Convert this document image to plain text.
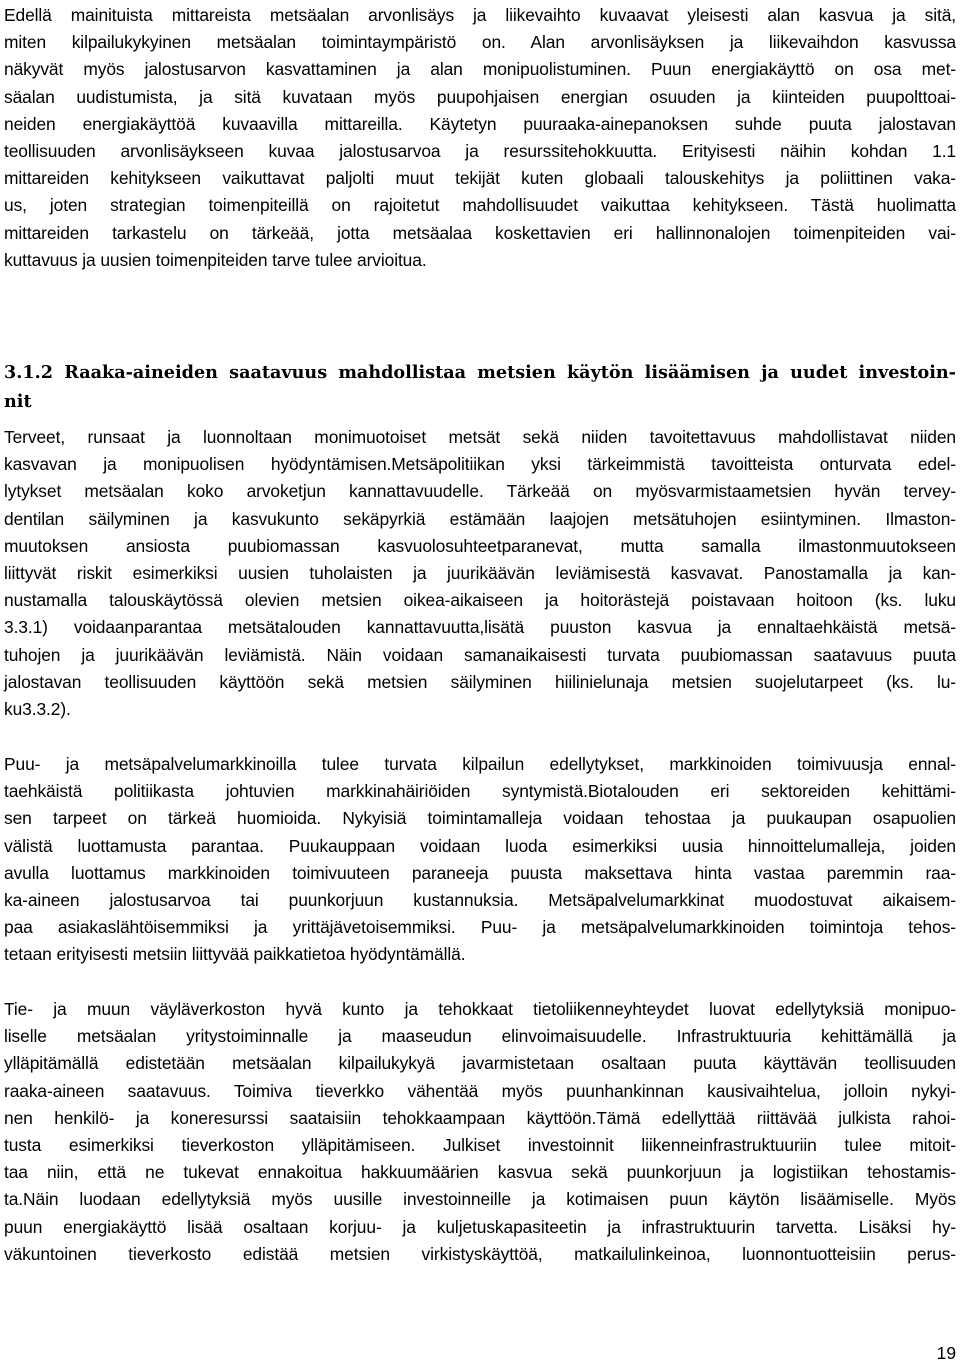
Edellä mainituista mittareista metsäalan arvonlisäys ja liikevaihto kuvaavat yleisesti alan kasvua ja sitä,
miten kilpailukykyinen metsäalan toimintaympäristö on. Alan arvonlisäyksen ja liikevaihdon kasvussa
näkyvät myös jalostusarvon kasvattaminen ja alan monipuolistuminen. Puun energiakäyttö on osa met-
säalan uudistumista, ja sitä kuvataan myös puupohjaisen energian osuuden ja kiinteiden puupolttoai-
neiden energiakäyttöä kuvaavilla mittareilla. Käytetyn puuraaka-ainepanoksen suhde puuta jalostavan
teollisuuden arvonlisäykseen kuvaa jalostusarvoa ja resurssitehokkuutta. Erityisesti näihin kohdan 1.1
mittareiden kehitykseen vaikuttavat paljolti muut tekijät kuten globaali talouskehitys ja poliittinen vaka-
us, joten strategian toimenpiteillä on rajoitetut mahdollisuudet vaikuttaa kehitykseen. Tästä huolimatta
mittareiden tarkastelu on tärkeää, jotta metsäalaa koskettavien eri hallinnonalojen toimenpiteiden vai-
kuttavuus ja uusien toimenpiteiden tarve tulee arvioitua.
3.1.2 Raaka-aineiden saatavuus mahdollistaa metsien käytön lisäämisen ja uudet investoin-
nit
Terveet, runsaat ja luonnoltaan monimuotoiset metsät sekä niiden tavoitettavuus mahdollistavat niiden
kasvavan ja monipuolisen hyödyntämisen.Metsäpolitiikan yksi tärkeimmistä tavoitteista onturvata edel-
lytykset metsäalan koko arvoketjun kannattavuudelle. Tärkeää on myösvarmistaametsien hyvän tervey-
dentilan säilyminen ja kasvukunto sekäpyrkiä estämään laajojen metsätuhojen esiintyminen. Ilmaston-
muutoksen ansiosta puubiomassan kasvuolosuhteetparanevat, mutta samalla ilmastonmuutokseen
liittyvät riskit esimerkiksi uusien tuholaisten ja juurikäävän leviämisestä kasvavat. Panostamalla ja kan-
nustamalla talouskäytössä olevien metsien oikea-aikaiseen ja hoitorästejä poistavaan hoitoon (ks. luku
3.3.1) voidaanparantaa metsätalouden kannattavuutta,lisätä puuston kasvua ja ennaltaehkäistä metsä-
tuhojen ja juurikäävän leviämistä. Näin voidaan samanaikaisesti turvata puubiomassan saatavuus puuta
jalostavan teollisuuden käyttöön sekä metsien säilyminen hiilinielunaja metsien suojelutarpeet (ks. lu-
ku3.3.2).
Puu- ja metsäpalvelumarkkinoilla tulee turvata kilpailun edellytykset, markkinoiden toimivuusja ennal-
taehkäistä politiikasta johtuvien markkinahäiriöiden syntymistä.Biotalouden eri sektoreiden kehittämi-
sen tarpeet on tärkeä huomioida. Nykyisiä toimintamalleja voidaan tehostaa ja puukaupan osapuolien
välistä luottamusta parantaa. Puukauppaan voidaan luoda esimerkiksi uusia hinnoittelumalleja, joiden
avulla luottamus markkinoiden toimivuuteen paraneeja puusta maksettava hinta vastaa paremmin raa-
ka-aineen jalostusarvoa tai puunkorjuun kustannuksia. Metsäpalvelumarkkinat muodostuvat aikaisem-
paa asiakaslähtöisemmiksi ja yrittäjävetoisemmiksi. Puu- ja metsäpalvelumarkkinoiden toimintoja tehos-
tetaan erityisesti metsiin liittyvää paikkatietoa hyödyntämällä.
Tie- ja muun väyläverkoston hyvä kunto ja tehokkaat tietoliikenneyhteydet luovat edellytyksiä monipuo-
liselle metsäalan yritystoiminnalle ja maaseudun elinvoimaisuudelle. Infrastruktuuria kehittämällä ja
ylläpitämällä edistetään metsäalan kilpailukykyä javarmistetaan osaltaan puuta käyttävän teollisuuden
raaka-aineen saatavuus. Toimiva tieverkko vähentää myös puunhankinnan kausivaihtelua, jolloin nykyi-
nen henkilö- ja koneresurssi saataisiin tehokkaampaan käyttöön.Tämä edellyttää riittävää julkista rahoi-
tusta esimerkiksi tieverkoston ylläpitämiseen. Julkiset investoinnit liikenneinfrastruktuuriin tulee mitoit-
taa niin, että ne tukevat ennakoitua hakkuumäärien kasvua sekä puunkorjuun ja logistiikan tehostamis-
ta.Näin luodaan edellytyksiä myös uusille investoinneille ja kotimaisen puun käytön lisäämiselle. Myös
puun energiakäyttö lisää osaltaan korjuu- ja kuljetuskapasiteetin ja infrastruktuurin tarvetta. Lisäksi hy-
väkuntoinen tieverkosto edistää metsien virkistyskäyttöä, matkailulinkeinoa, luonnontuotteisiin perus-
19
